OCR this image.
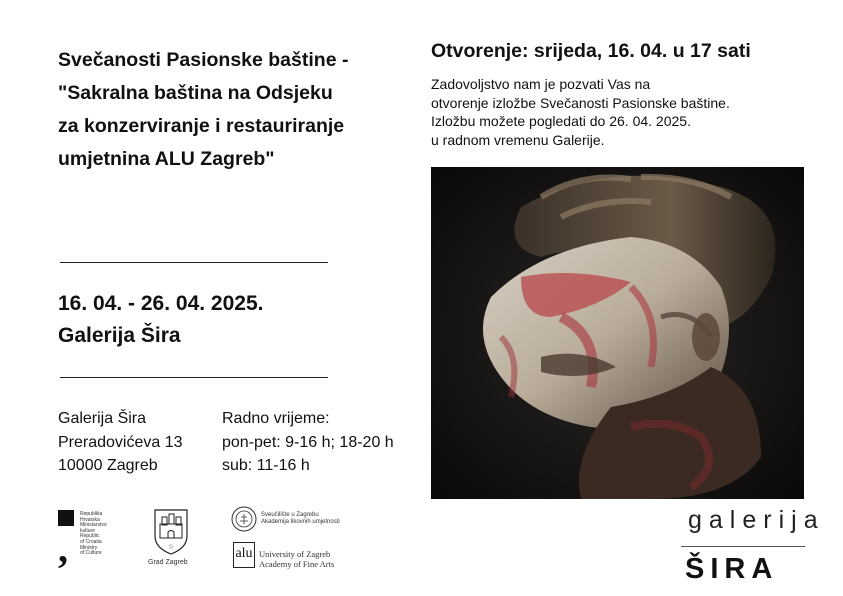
Svečanosti Pasionske baštine -
"Sakralna baština na Odsjeku
za konzerviranje i restauriranje
umjetnina ALU Zagreb"
16. 04. - 26. 04. 2025.
Galerija Šira
Galerija Šira
Preradovićeva 13
10000 Zagreb
Radno vrijeme:
pon-pet: 9-16 h; 18-20 h
sub: 11-16 h
,
Republika
Hrvatska
Ministarstvo
kulture
Republic
of Croatia
Ministry
of Culture
☆
Grad Zagreb
Sveučilište u Zagrebu
Akademija likovnih umjetnosti
alu University of Zagreb
Academy of Fine Arts
Otvorenje: srijeda, 16. 04. u 17 sati
Zadovoljstvo nam je pozvati Vas na
otvorenje izložbe Svečanosti Pasionske baštine.
Izložbu možete pogledati do 26. 04. 2025.
u radnom vremenu Galerije.
galerija
ŠIRA
